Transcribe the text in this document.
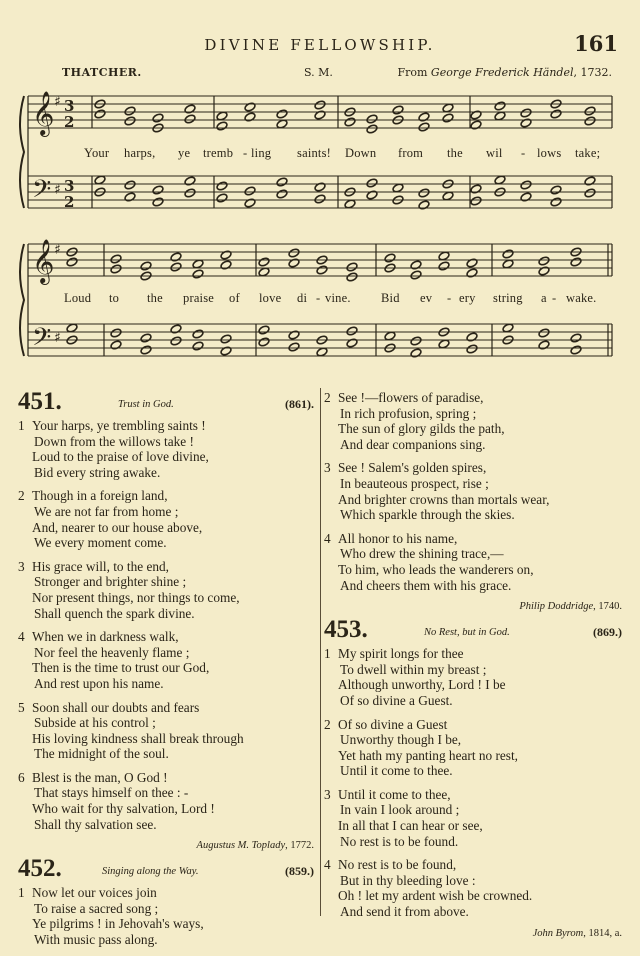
DIVINE FELLOWSHIP.	161
THATCHER.	S. M.	From George Frederick Händel, 1732.
𝄞
𝄢
♯
♯
3
2
3
2
𝄞
𝄢
♯
♯
Your harps, ye tremb - ling saints! Down from the wil - lows take;
Loud to the praise of love di - vine. Bid ev - ery string a - wake.
451.	Trust in God.	(861).
1 Your harps, ye trembling saints !
Down from the willows take !
Loud to the praise of love divine,
Bid every string awake.
2 Though in a foreign land,
We are not far from home ;
And, nearer to our house above,
We every moment come.
3 His grace will, to the end,
Stronger and brighter shine ;
Nor present things, nor things to come,
Shall quench the spark divine.
4 When we in darkness walk,
Nor feel the heavenly flame ;
Then is the time to trust our God,
And rest upon his name.
5 Soon shall our doubts and fears
Subside at his control ;
His loving kindness shall break through
The midnight of the soul.
6 Blest is the man, O God !
That stays himself on thee : -
Who wait for thy salvation, Lord !
Shall thy salvation see.
Augustus M. Toplady, 1772.
452.	Singing along the Way.	(859.)
1 Now let our voices join
To raise a sacred song ;
Ye pilgrims ! in Jehovah's ways,
With music pass along.
2 See !—flowers of paradise,
In rich profusion, spring ;
The sun of glory gilds the path,
And dear companions sing.
3 See ! Salem's golden spires,
In beauteous prospect, rise ;
And brighter crowns than mortals wear,
Which sparkle through the skies.
4 All honor to his name,
Who drew the shining trace,—
To him, who leads the wanderers on,
And cheers them with his grace.
Philip Doddridge, 1740.
453.	No Rest, but in God.	(869.)
1 My spirit longs for thee
To dwell within my breast ;
Although unworthy, Lord ! I be
Of so divine a Guest.
2 Of so divine a Guest
Unworthy though I be,
Yet hath my panting heart no rest,
Until it come to thee.
3 Until it come to thee,
In vain I look around ;
In all that I can hear or see,
No rest is to be found.
4 No rest is to be found,
But in thy bleeding love :
Oh ! let my ardent wish be crowned.
And send it from above.
John Byrom, 1814, a.
